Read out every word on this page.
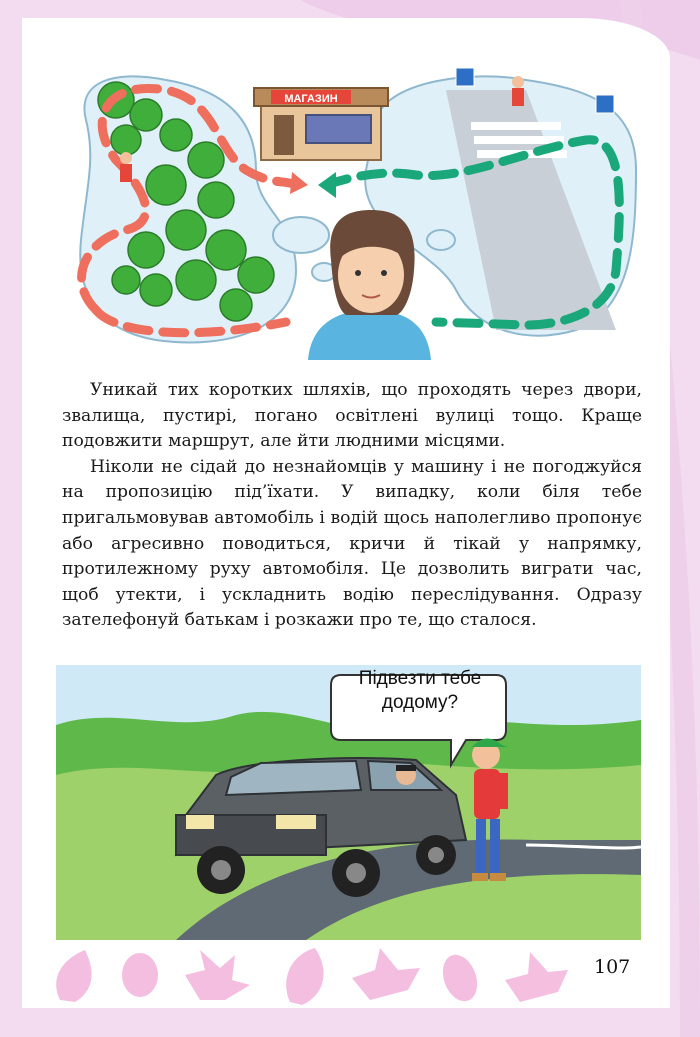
МАГАЗИН

Уникай тих коротких шляхів, що проходять через двори, звалища, пустирі, погано освітлені вулиці тощо. Краще подовжити маршрут, але йти людними місцями.

Ніколи не сідай до незнайомців у машину і не погоджуйся на пропозицію під’їхати. У випадку, коли біля тебе пригальмовував автомобіль і водій щось наполегливо пропонує або агресивно поводиться, кричи й тікай у напрямку, протилежному руху автомобіля. Це дозволить виграти час, щоб утекти, і ускладнить водію переслідування. Одразу зателефонуй батькам і розкажи про те, що сталося.

Підвезти тебе
додому?
107
